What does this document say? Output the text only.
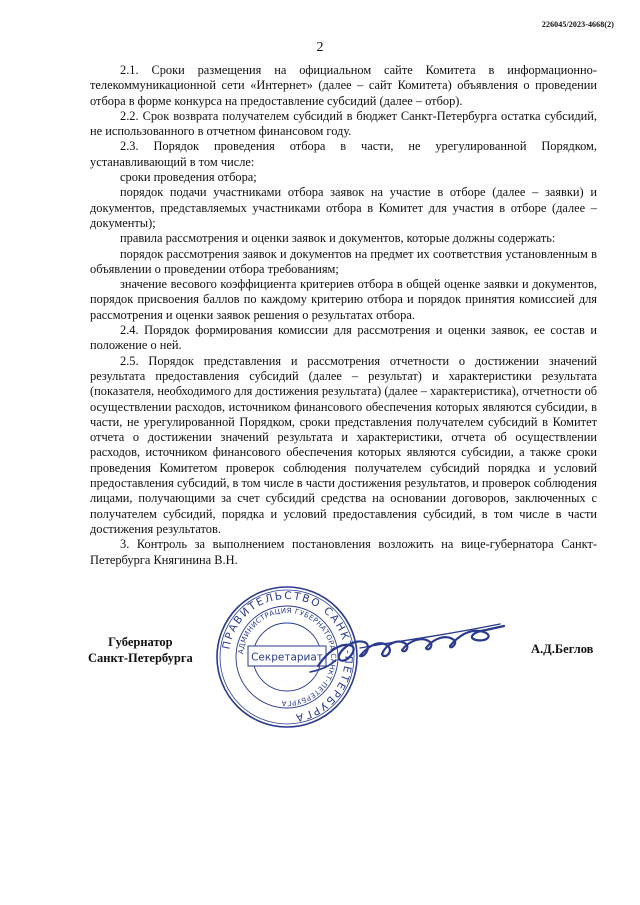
226045/2023-4668(2)
2

2.1. Сроки размещения на официальном сайте Комитета в информационно-телекоммуникационной сети «Интернет» (далее – сайт Комитета) объявления о проведении отбора в форме конкурса на предоставление субсидий (далее – отбор).

2.2. Срок возврата получателем субсидий в бюджет Санкт-Петербурга остатка субсидий, не использованного в отчетном финансовом году.

2.3. Порядок проведения отбора в части, не урегулированной Порядком, устанавливающий в том числе:

сроки проведения отбора;

порядок подачи участниками отбора заявок на участие в отборе (далее – заявки) и документов, представляемых участниками отбора в Комитет для участия в отборе (далее – документы);

правила рассмотрения и оценки заявок и документов, которые должны содержать:

порядок рассмотрения заявок и документов на предмет их соответствия установленным в объявлении о проведении отбора требованиям;

значение весового коэффициента критериев отбора в общей оценке заявки и документов, порядок присвоения баллов по каждому критерию отбора и порядок принятия комиссией для рассмотрения и оценки заявок решения о результатах отбора.

2.4. Порядок формирования комиссии для рассмотрения и оценки заявок, ее состав и положение о ней.

2.5. Порядок представления и рассмотрения отчетности о достижении значений результата предоставления субсидий (далее – результат) и характеристики результата (показателя, необходимого для достижения результата) (далее – характеристика), отчетности об осуществлении расходов, источником финансового обеспечения которых являются субсидии, в части, не урегулированной Порядком, сроки представления получателем субсидий в Комитет отчета о достижении значений результата и характеристики, отчета об осуществлении расходов, источником финансового обеспечения которых являются субсидии, а также сроки проведения Комитетом проверок соблюдения получателем субсидий порядка и условий предоставления субсидий, в том числе в части достижения результатов, и проверок соблюдения лицами, получающими за счет субсидий средства на основании договоров, заключенных с получателем субсидий, порядка и условий предоставления субсидий, в том числе в части достижения результатов.

3. Контроль за выполнением постановления возложить на вице-губернатора Санкт-Петербурга Княгинина В.Н.

ПРАВИТЕЛЬСТВО САНКТ-ПЕТЕРБУРГА
АДМИНИСТРАЦИЯ ГУБЕРНАТОРА САНКТ-ПЕТЕРБУРГА
Секретариат
Губернатор
Санкт-Петербурга
А.Д.Беглов
